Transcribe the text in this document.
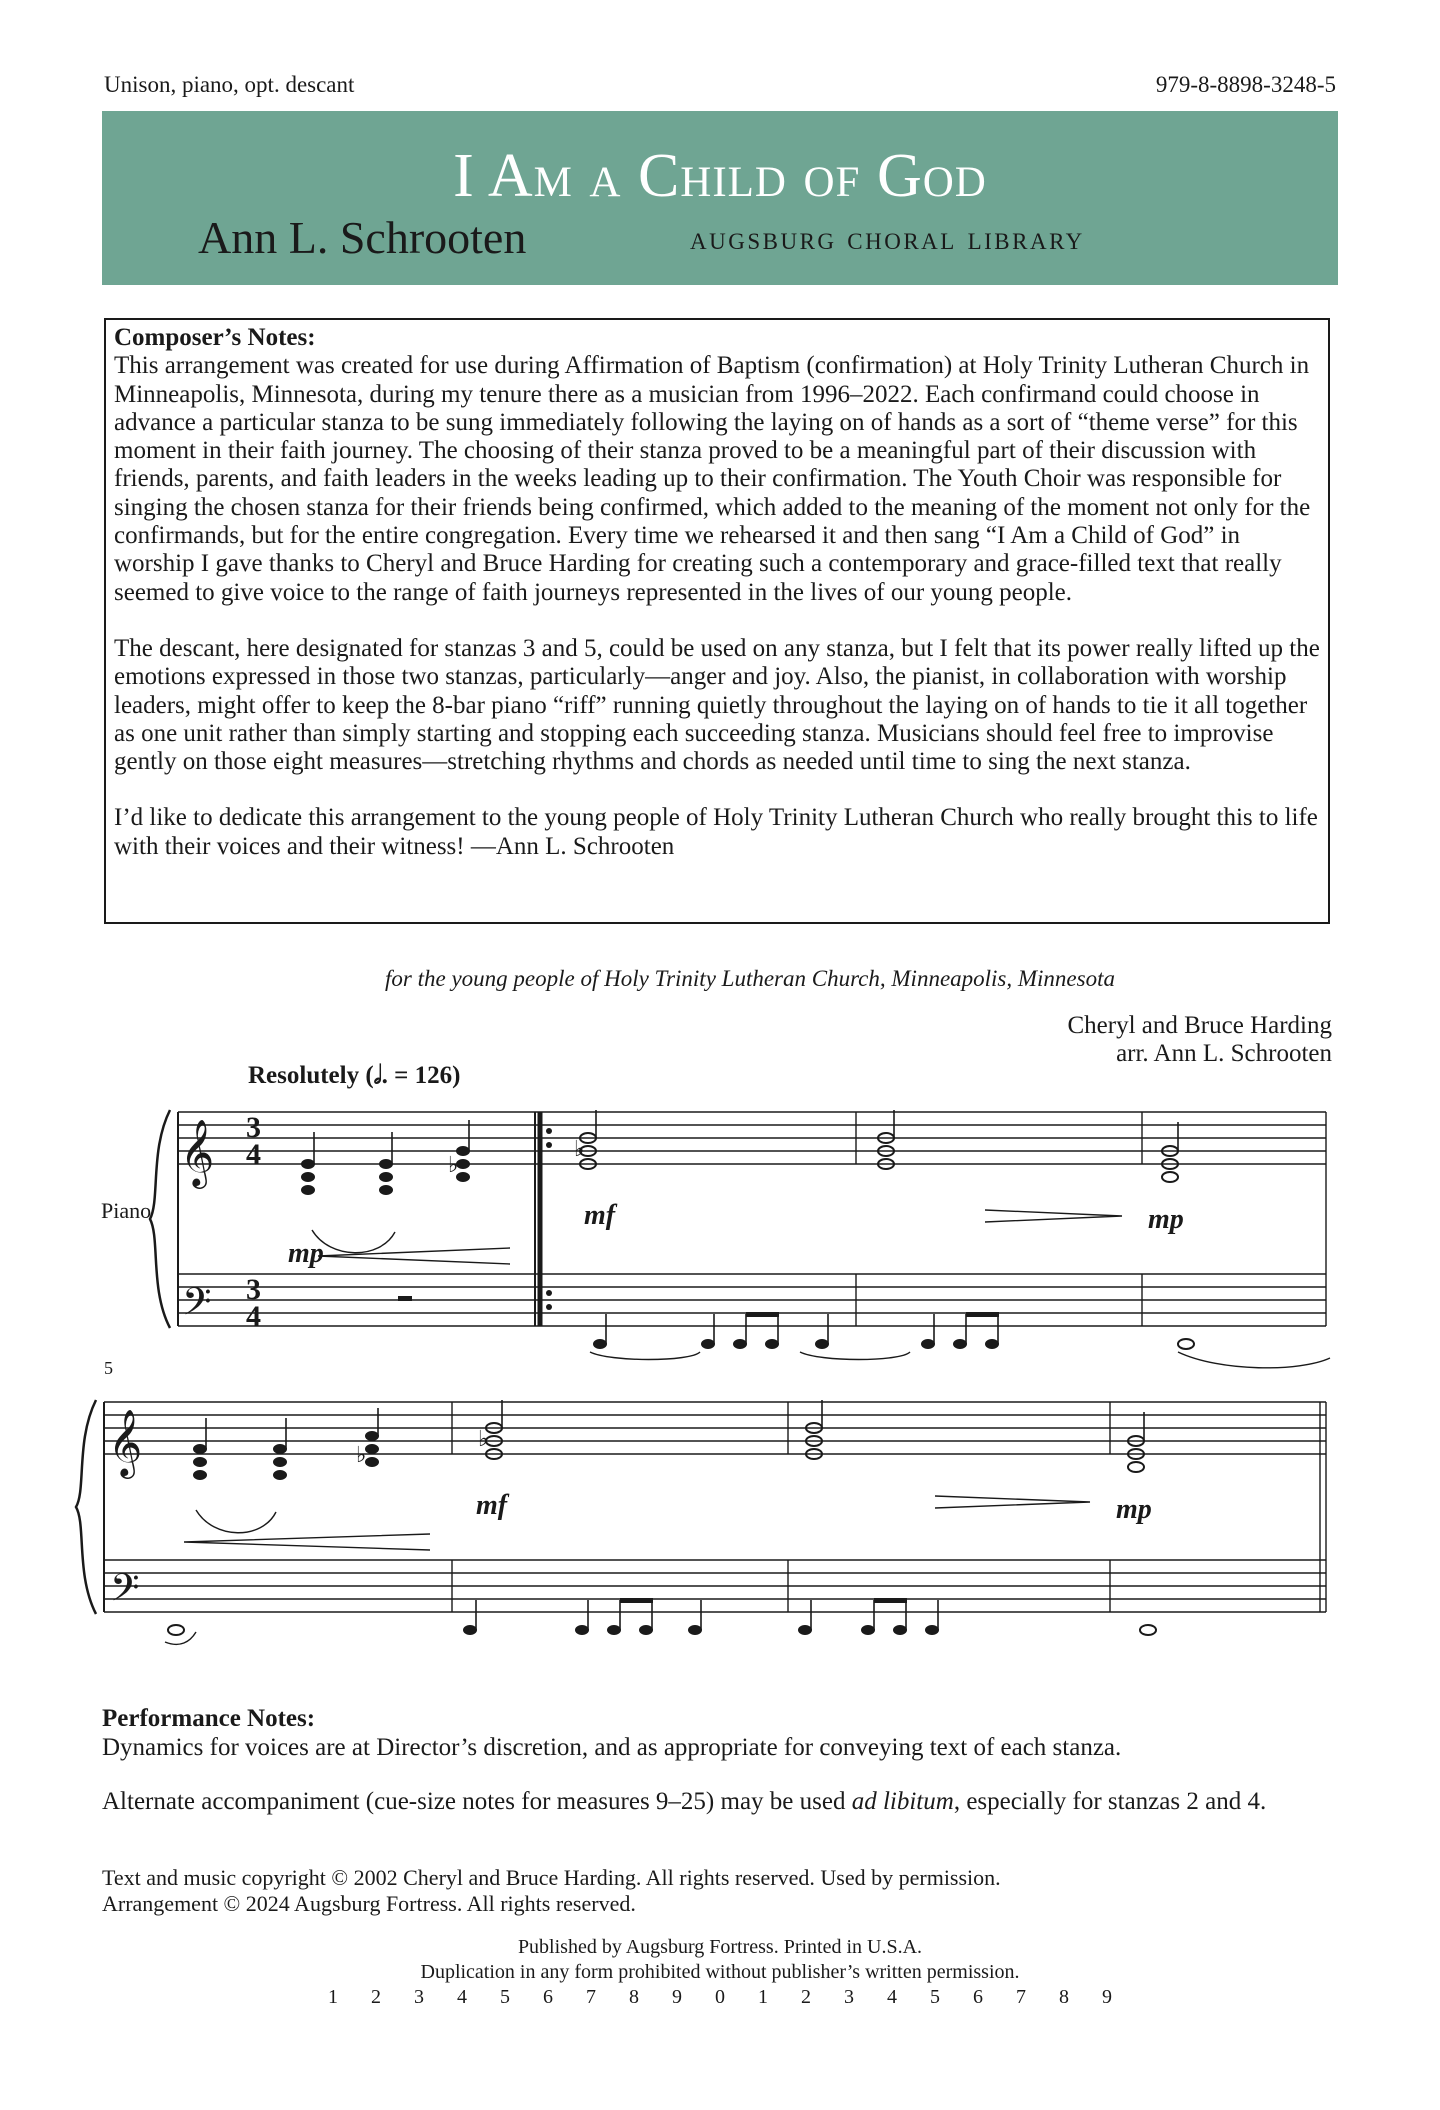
Unison, piano, opt. descant	979-8-8898-3248-5
I Am a Child of God
Ann L. Schrooten	augsburg choral library

Composer’s Notes:
This arrangement was created for use during Affirmation of Baptism (confirmation) at Holy Trinity Lutheran Church in Minneapolis, Minnesota, during my tenure there as a musician from 1996–2022. Each confirmand could choose in advance a particular stanza to be sung immediately following the laying on of hands as a sort of “theme verse” for this moment in their faith journey. The choosing of their stanza proved to be a meaningful part of their discussion with friends, parents, and faith leaders in the weeks leading up to their confirmation. The Youth Choir was responsible for singing the chosen stanza for their friends being confirmed, which added to the meaning of the moment not only for the confirmands, but for the entire congregation. Every time we rehearsed it and then sang “I Am a Child of God” in worship I gave thanks to Cheryl and Bruce Harding for creating such a contemporary and grace-filled text that really seemed to give voice to the range of faith journeys represented in the lives of our young people.

The descant, here designated for stanzas 3 and 5, could be used on any stanza, but I felt that its power really lifted up the emotions expressed in those two stanzas, particularly—anger and joy. Also, the pianist, in collaboration with worship leaders, might offer to keep the 8-bar piano “riff” running quietly throughout the laying on of hands to tie it all together as one unit rather than simply starting and stopping each succeeding stanza. Musicians should feel free to improvise gently on those eight measures—stretching rhythms and chords as needed until time to sing the next stanza.

I’d like to dedicate this arrangement to the young people of Holy Trinity Lutheran Church who really brought this to life with their voices and their witness! —Ann L. Schrooten

for the young people of Holy Trinity Lutheran Church, Minneapolis, Minnesota
Cheryl and Bruce Harding
arr. Ann L. Schrooten
Resolutely (𝅗𝅥. = 126)
𝄞
𝄢
𝄞
𝄢
♭
♭
♭
♭
3
4
3
4
mp
mf	mp
mf	mp
Piano
5

Performance Notes:
Dynamics for voices are at Director’s discretion, and as appropriate for conveying text of each stanza.

Alternate accompaniment (cue-size notes for measures 9–25) may be used ad libitum, especially for stanzas 2 and 4.

Text and music copyright © 2002 Cheryl and Bruce Harding. All rights reserved. Used by permission.
Arrangement © 2024 Augsburg Fortress. All rights reserved.
Published by Augsburg Fortress. Printed in U.S.A.
Duplication in any form prohibited without publisher’s written permission.
1 2 3 4 5 6 7 8 9 0 1 2 3 4 5 6 7 8 9
